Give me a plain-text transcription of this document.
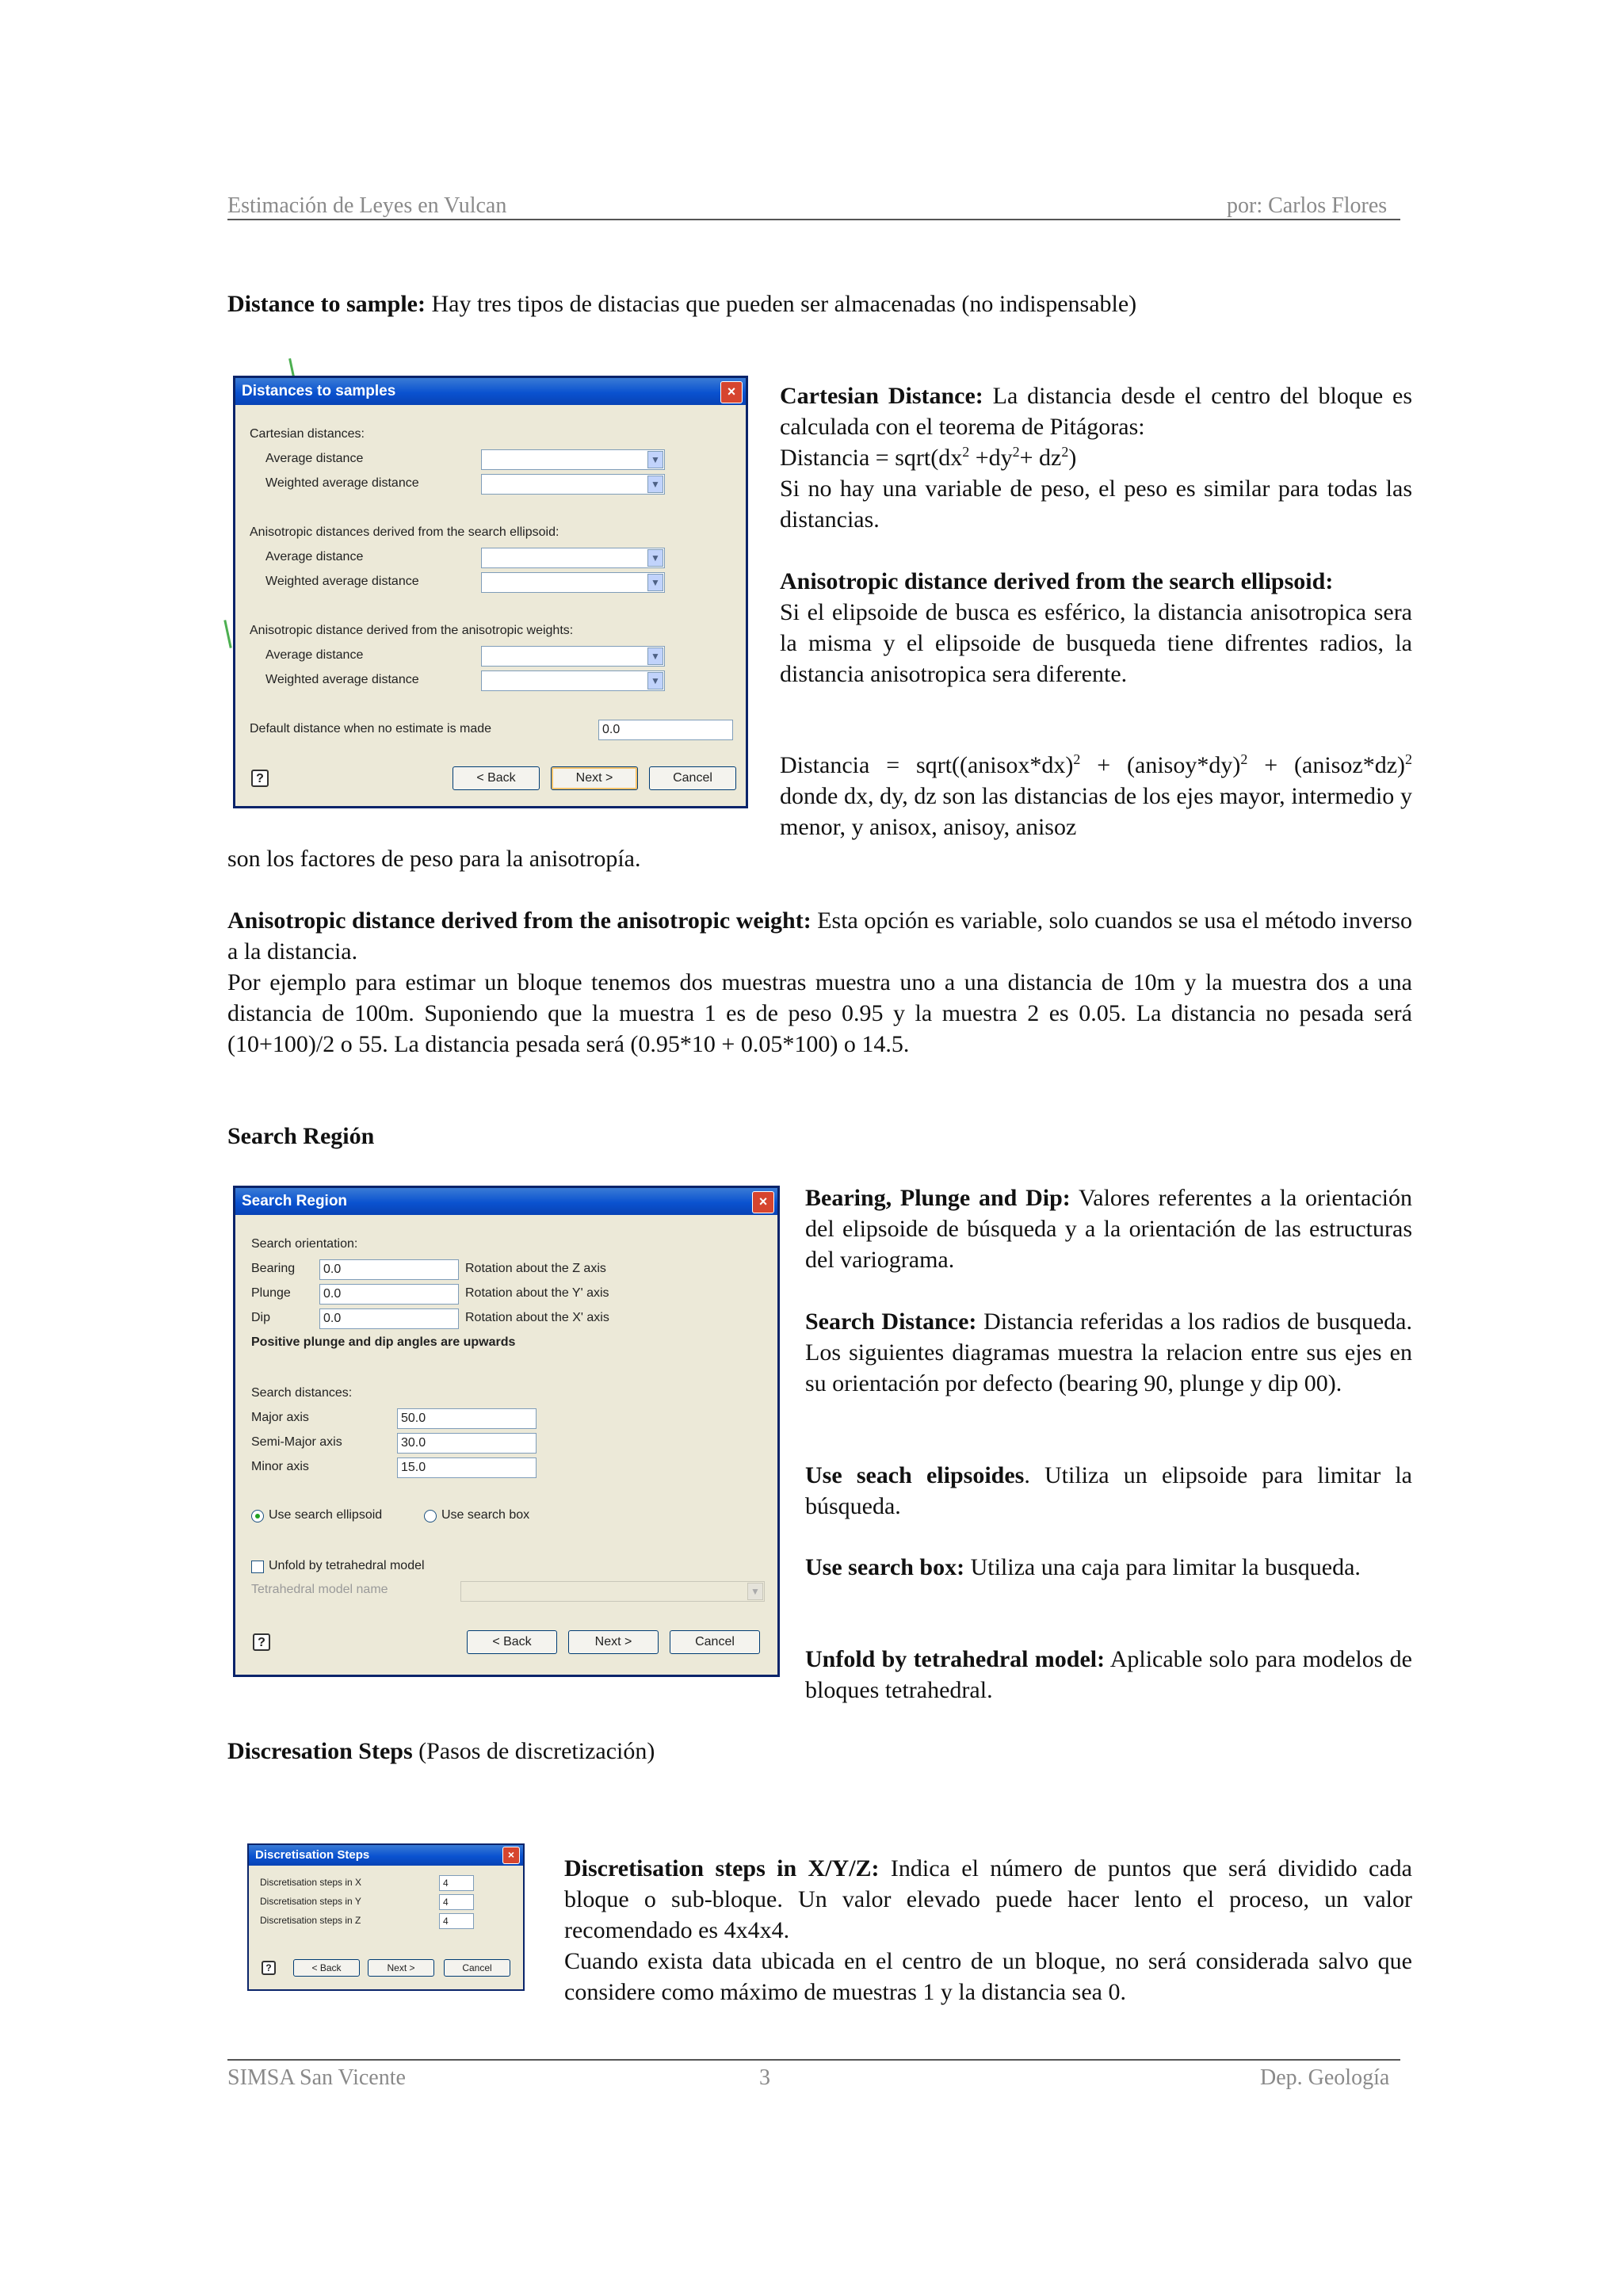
Estimación de Leyes en Vulcan	por: Carlos Flores
Distance to sample: Hay tres tipos de distacias que pueden ser almacenadas (no indispensable)
Distances to samples	×
Cartesian distances:
Average distance	▼
Weighted average distance	▼
Anisotropic distances derived from the search ellipsoid:
Average distance	▼
Weighted average distance	▼
Anisotropic distance derived from the anisotropic weights:
Average distance	▼
Weighted average distance	▼
Default distance when no estimate is made	0.0
?	< Back	Next >	Cancel
Cartesian Distance: La distancia desde el centro del bloque es calculada con el teorema de Pitágoras:
Distancia = $sqrt(dx^2 +dy^2+ dz^2)$
Si no hay una variable de peso, el peso es similar para todas las distancias.
Anisotropic distance derived from the search ellipsoid:
Si el elipsoide de busca es esférico, la distancia anisotropica sera la misma y el elipsoide de busqueda tiene difrentes radios, la distancia anisotropica sera diferente.
Distancia = sqrt((anisox*dx)$^2$ + (anisoy*dy)$^2$ + (anisoz*dz)$^2$ donde dx, dy, dz son las distancias de los ejes mayor, intermedio y menor, y anisox, anisoy, anisoz
son los factores de peso para la anisotropía.
Anisotropic distance derived from the anisotropic weight: Esta opción es variable, solo cuandos se usa el método inverso a la distancia.
Por ejemplo para estimar un bloque tenemos dos muestras muestra uno a una distancia de 10m y la muestra dos a una distancia de 100m. Suponiendo que la muestra 1 es de peso 0.95 y la muestra 2 es 0.05. La distancia no pesada será (10+100)/2 o 55. La distancia pesada será (0.95*10 + 0.05*100) o 14.5.
Search Región
Search Region	×
Search orientation:
Bearing	0.0	Rotation about the Z axis
Plunge	0.0	Rotation about the Y' axis
Dip	0.0	Rotation about the X' axis
Positive plunge and dip angles are upwards
Search distances:
Major axis	50.0
Semi-Major axis	30.0
Minor axis	15.0
Use search ellipsoid	Use search box
Unfold by tetrahedral model
Tetrahedral model name	▼
?	< Back	Next >	Cancel
Bearing, Plunge and Dip: Valores referentes a la orientación del elipsoide de búsqueda y a la orientación de las estructuras del variograma.
Search Distance: Distancia referidas a los radios de busqueda. Los siguientes diagramas muestra la relacion entre sus ejes en su orientación por defecto (bearing 90, plunge y dip 00).
Use seach elipsoides. Utiliza un elipsoide para limitar la búsqueda.
Use search box: Utiliza una caja para limitar la busqueda.
Unfold by tetrahedral model: Aplicable solo para modelos de bloques tetrahedral.
Discresation Steps (Pasos de discretización)
Discretisation Steps	×
Discretisation steps in X	4
Discretisation steps in Y	4
Discretisation steps in Z	4
?	< Back	Next >	Cancel
Discretisation steps in X/Y/Z: Indica el número de puntos que será dividido cada bloque o sub-bloque. Un valor elevado puede hacer lento el proceso, un valor recomendado es 4x4x4.
Cuando exista data ubicada en el centro de un bloque, no será considerada salvo que considere como máximo de muestras 1 y la distancia sea 0.
SIMSA San Vicente	3	Dep. Geología
